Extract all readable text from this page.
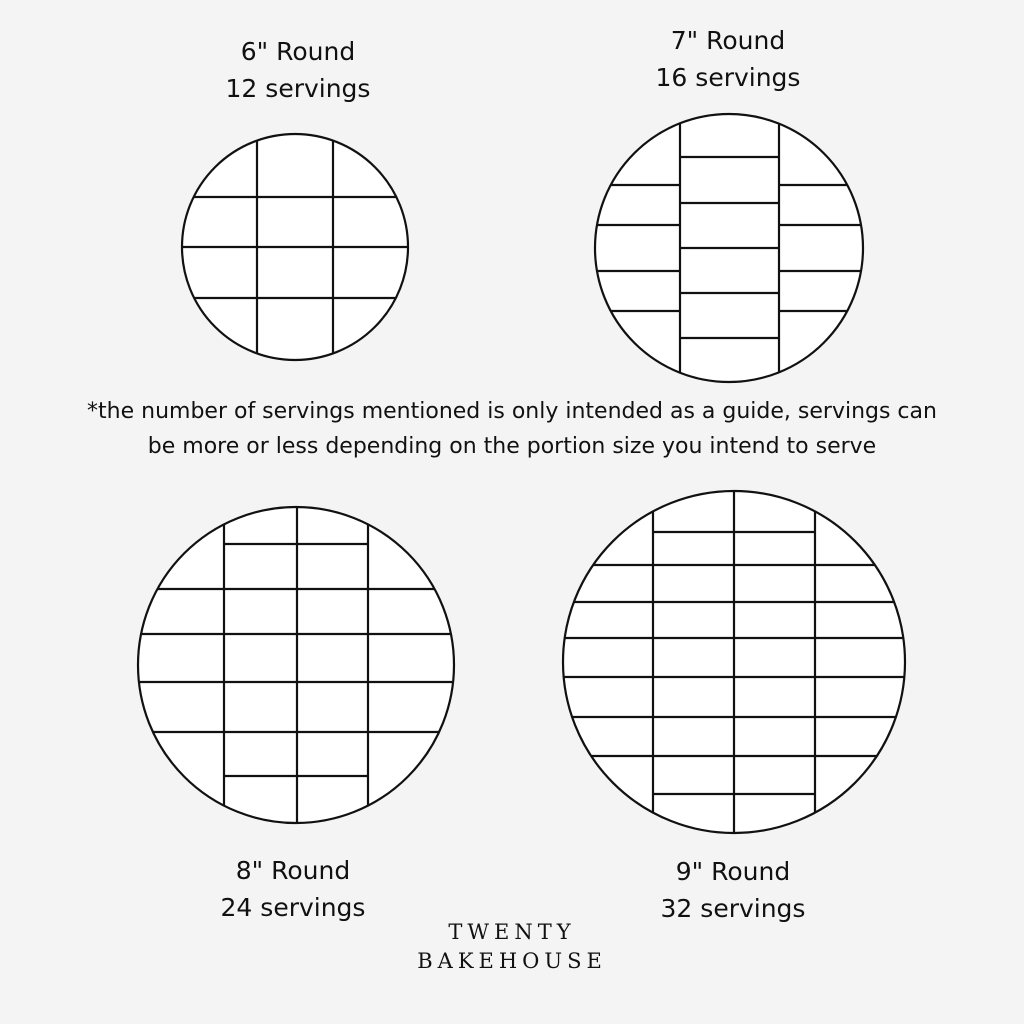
6" Round
12 servings
7" Round
16 servings
*the number of servings mentioned is only intended as a guide, servings can
be more or less depending on the portion size you intend to serve
8" Round
24 servings
9" Round
32 servings
TWENTY
BAKEHOUSE
